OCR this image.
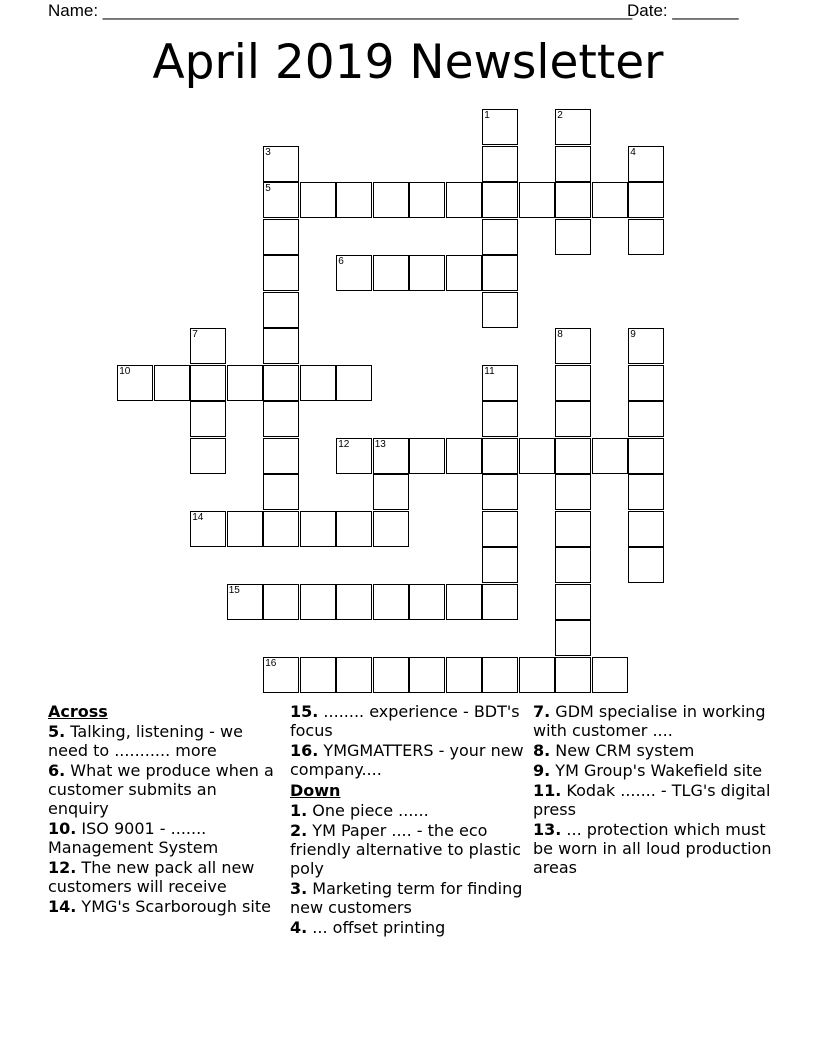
Name: ________________________________________________________
Date: _______
April 2019 Newsletter
1	2
3	4
5
6
7	8	9
10	11
12	13
14
15
16
Across
5. Talking, listening - we need to ........... more
6. What we produce when a customer submits an enquiry
10. ISO 9001 - ....... Management System
12. The new pack all new customers will receive
14. YMG's Scarborough site
15. ........ experience - BDT's focus
16. YMGMATTERS - your new company....
Down
1. One piece ......
2. YM Paper .... - the eco friendly alternative to plastic poly
3. Marketing term for finding new customers
4. ... offset printing
7. GDM specialise in working with customer ....
8. New CRM system
9. YM Group's Wakefield site
11. Kodak ....... - TLG's digital press
13. ... protection which must be worn in all loud production areas
